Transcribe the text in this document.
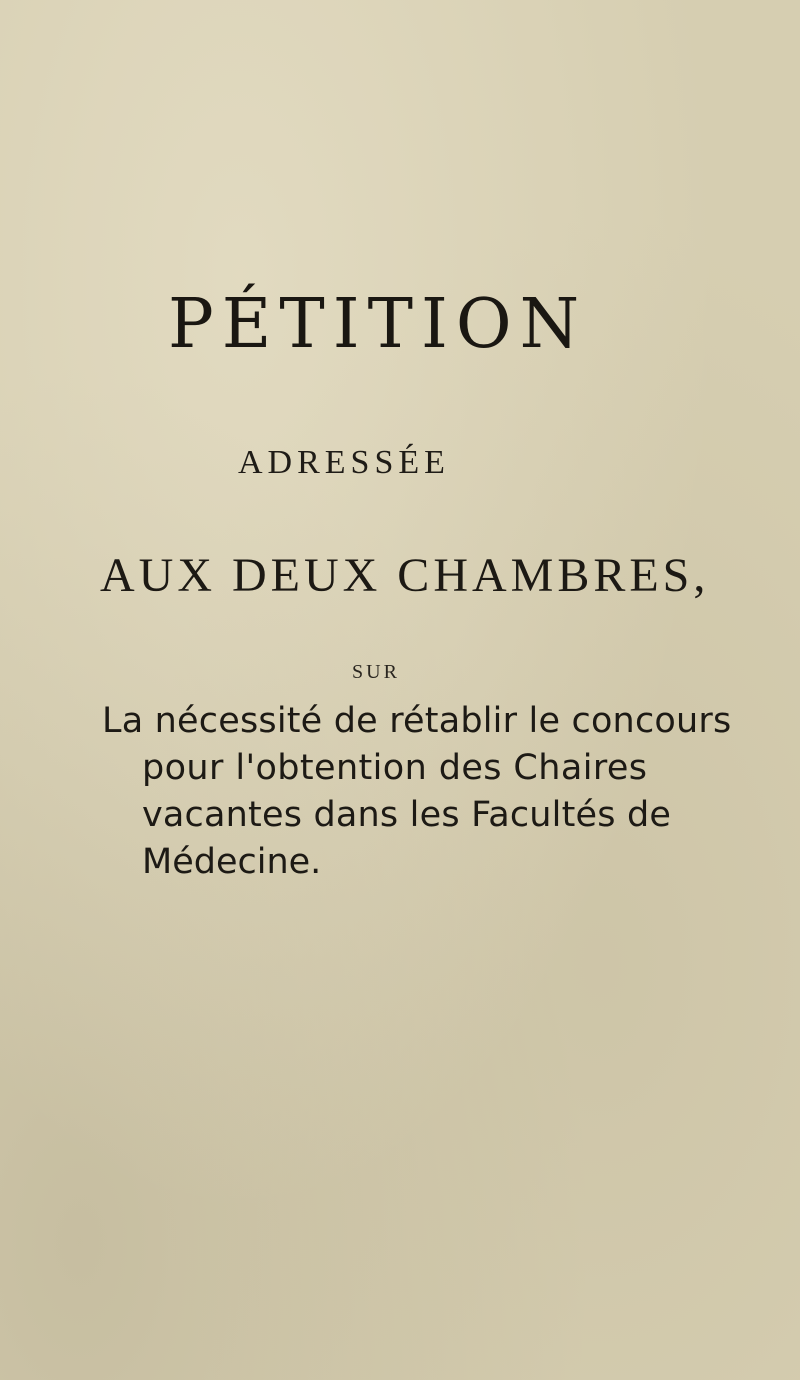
PÉTITION
ADRESSÉE
AUX DEUX CHAMBRES,
SUR
La nécessité de rétablir le concours
pour l'obtention des Chaires
vacantes dans les Facultés de
Médecine.
